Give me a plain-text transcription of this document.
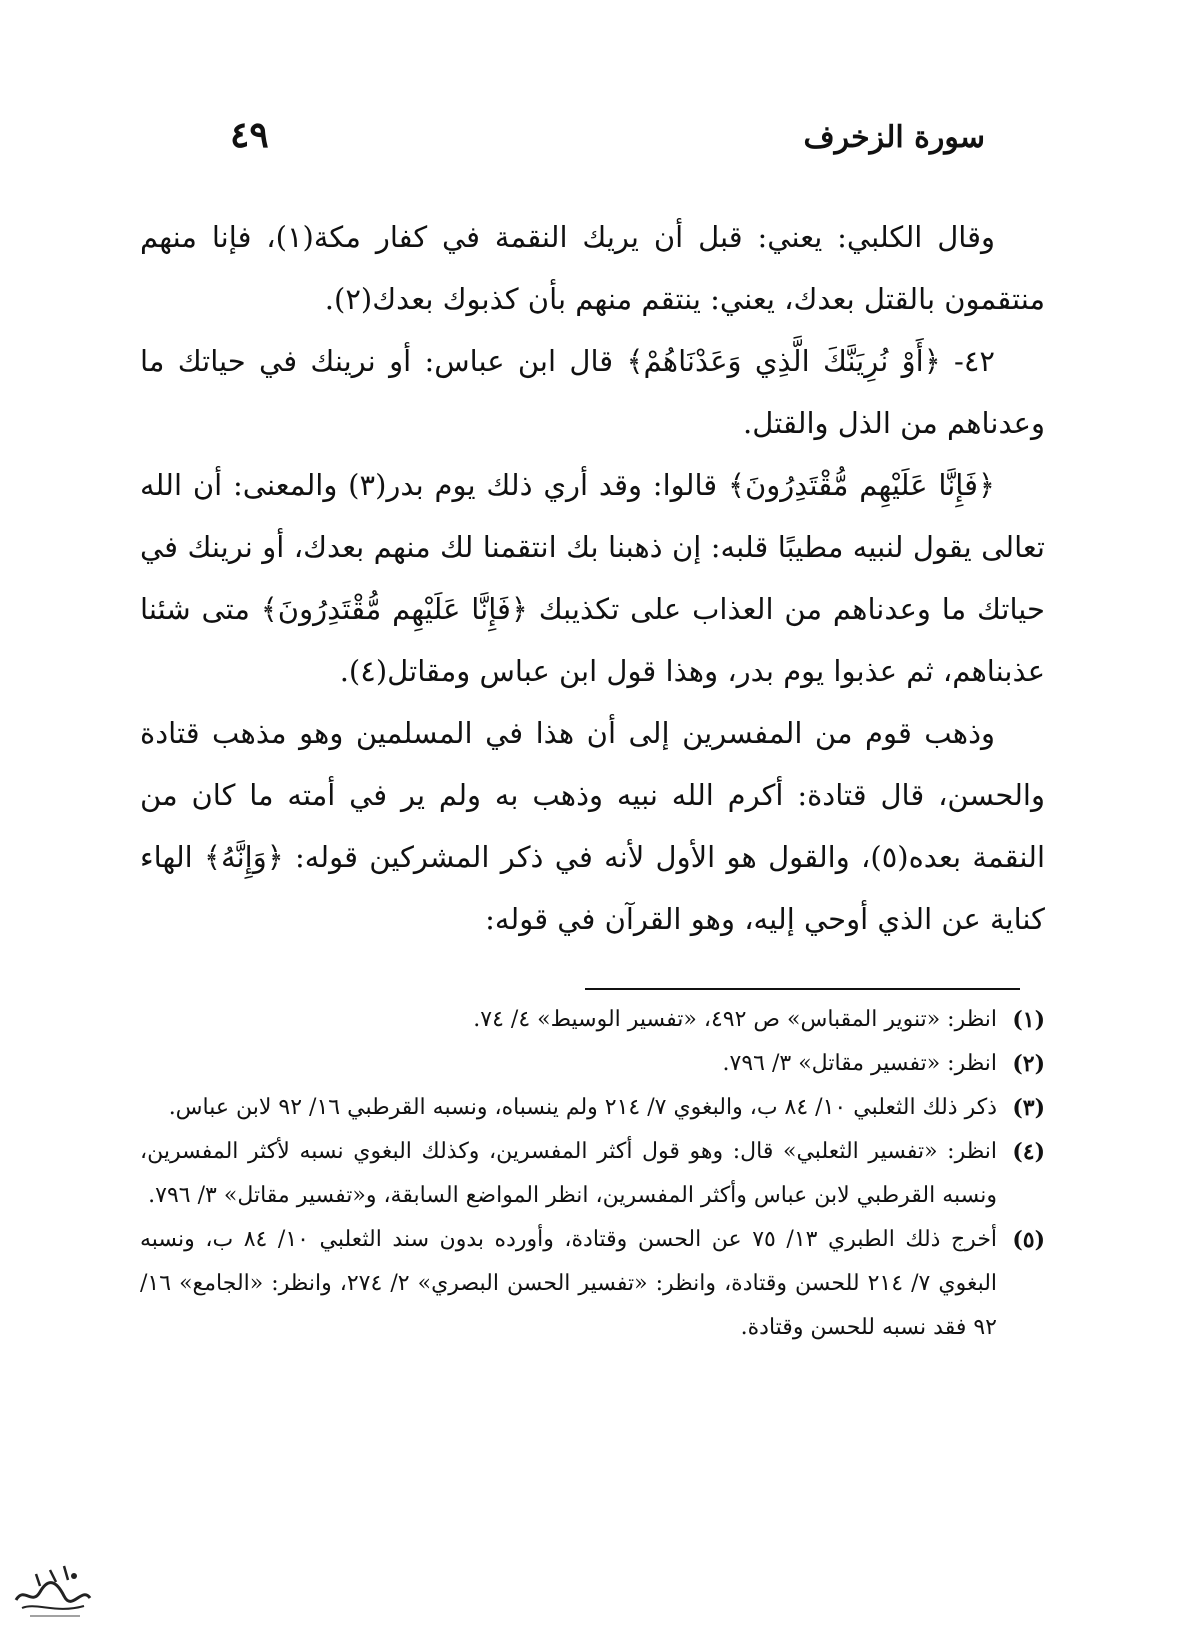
سورة الزخرف
٤٩

وقال الكلبي: يعني: قبل أن يريك النقمة في كفار مكة(١)، فإنا منهم منتقمون بالقتل بعدك، يعني: ينتقم منهم بأن كذبوك بعدك(٢).

٤٢- ﴿أَوْ نُرِيَنَّكَ الَّذِي وَعَدْنَاهُمْ﴾ قال ابن عباس: أو نرينك في حياتك ما وعدناهم من الذل والقتل.

﴿فَإِنَّا عَلَيْهِم مُّقْتَدِرُونَ﴾ قالوا: وقد أري ذلك يوم بدر(٣) والمعنى: أن الله تعالى يقول لنبيه مطيبًا قلبه: إن ذهبنا بك انتقمنا لك منهم بعدك، أو نرينك في حياتك ما وعدناهم من العذاب على تكذيبك ﴿فَإِنَّا عَلَيْهِم مُّقْتَدِرُونَ﴾ متى شئنا عذبناهم، ثم عذبوا يوم بدر، وهذا قول ابن عباس ومقاتل(٤).

وذهب قوم من المفسرين إلى أن هذا في المسلمين وهو مذهب قتادة والحسن، قال قتادة: أكرم الله نبيه وذهب به ولم ير في أمته ما كان من النقمة بعده(٥)، والقول هو الأول لأنه في ذكر المشركين قوله: ﴿وَإِنَّهُ﴾ الهاء كناية عن الذي أوحي إليه، وهو القرآن في قوله:

(١)
انظر: «تنوير المقباس» ص ٤٩٢، «تفسير الوسيط» ٤/ ٧٤.

(٢)
انظر: «تفسير مقاتل» ٣/ ٧٩٦.

(٣)
ذكر ذلك الثعلبي ١٠/ ٨٤ ب، والبغوي ٧/ ٢١٤ ولم ينسباه، ونسبه القرطبي ١٦/ ٩٢ لابن عباس.

(٤)
انظر: «تفسير الثعلبي» قال: وهو قول أكثر المفسرين، وكذلك البغوي نسبه لأكثر المفسرين، ونسبه القرطبي لابن عباس وأكثر المفسرين، انظر المواضع السابقة، و«تفسير مقاتل» ٣/ ٧٩٦.

(٥)
أخرج ذلك الطبري ١٣/ ٧٥ عن الحسن وقتادة، وأورده بدون سند الثعلبي ١٠/ ٨٤ ب، ونسبه البغوي ٧/ ٢١٤ للحسن وقتادة، وانظر: «تفسير الحسن البصري» ٢/ ٢٧٤، وانظر: «الجامع» ١٦/ ٩٢ فقد نسبه للحسن وقتادة.
